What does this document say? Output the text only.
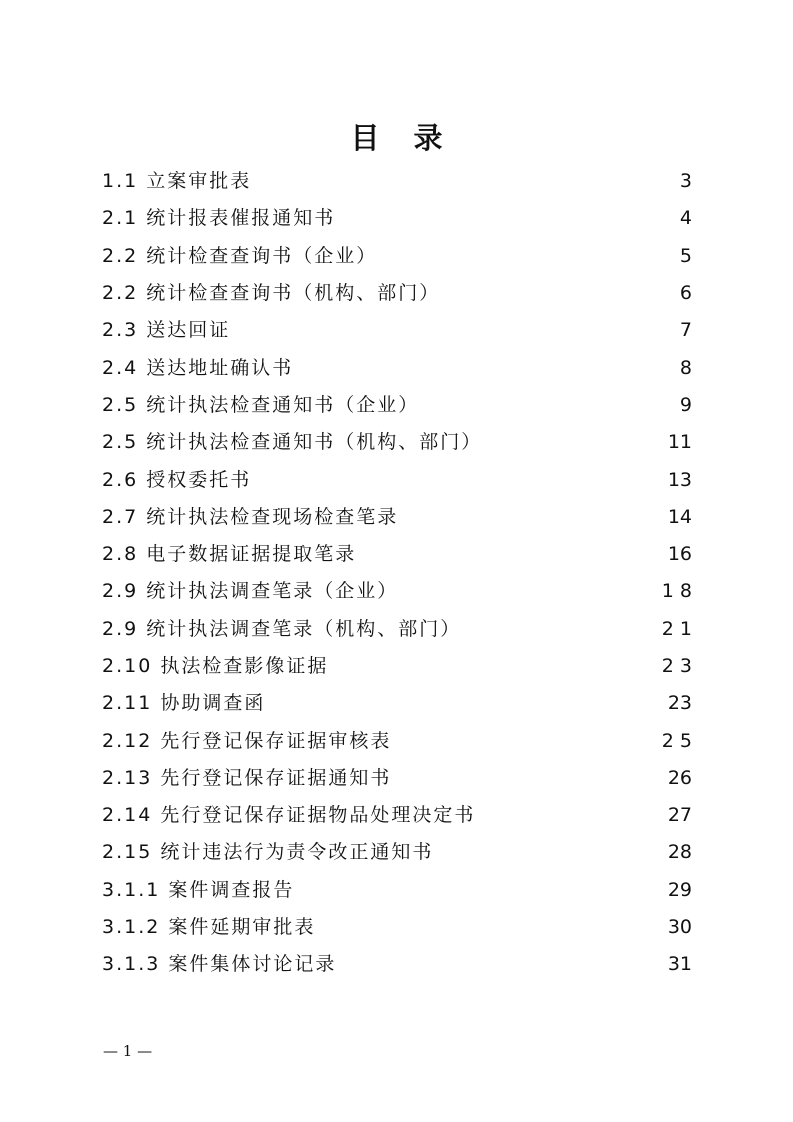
目 录
1.1 立案审批表	3
2.1 统计报表催报通知书	4
2.2 统计检查查询书（企业）	5
2.2 统计检查查询书（机构、部门）	6
2.3 送达回证	7
2.4 送达地址确认书	8
2.5 统计执法检查通知书（企业）	9
2.5 统计执法检查通知书（机构、部门）	11
2.6 授权委托书	13
2.7 统计执法检查现场检查笔录	14
2.8 电子数据证据提取笔录	16
2.9 统计执法调查笔录（企业）	1 8
2.9 统计执法调查笔录（机构、部门）	2 1
2.10 执法检查影像证据	2 3
2.11 协助调查函	23
2.12 先行登记保存证据审核表	2 5
2.13 先行登记保存证据通知书	26
2.14 先行登记保存证据物品处理决定书	27
2.15 统计违法行为责令改正通知书	28
3.1.1 案件调查报告	29
3.1.2 案件延期审批表	30
3.1.3 案件集体讨论记录	31
— 1 —
